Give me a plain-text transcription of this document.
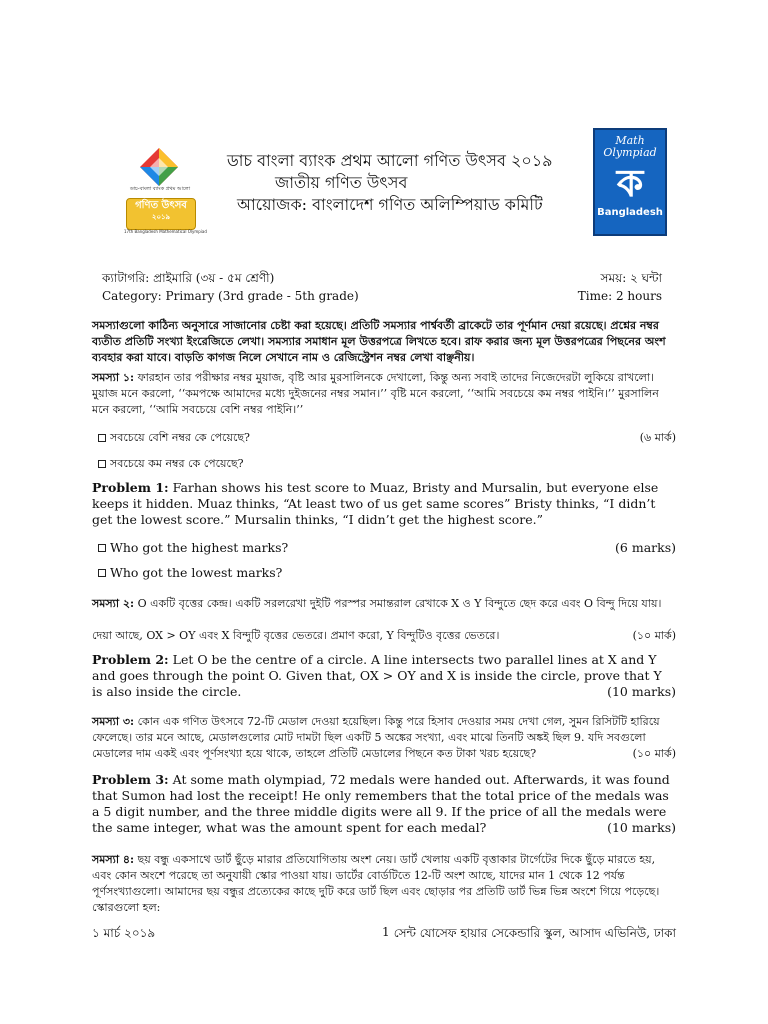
ডাচ-বাংলা ব্যাংক প্রথম আলো
গণিত উৎসব
২০১৯
17th Bangladesh Mathematical Olympiad
ডাচ বাংলা ব্যাংক প্রথম আলো গণিত উৎসব ২০১৯
জাতীয় গণিত উৎসব
আয়োজক: বাংলাদেশ গণিত অলিম্পিয়াড কমিটি
Math Olympiad
ক
Bangladesh
ক্যাটাগরি: প্রাইমারি (৩য় - ৫ম শ্রেণী)	সময়: ২ ঘন্টা
Category: Primary (3rd grade - 5th grade)	Time: 2 hours
সমস্যাগুলো কাঠিন্য অনুসারে সাজানোর চেষ্টা করা হয়েছে। প্রতিটি সমস্যার পার্শ্ববর্তী ব্রাকেটে তার পূর্ণমান দেয়া রয়েছে। প্রশ্নের নম্বর ব্যতীত প্রতিটি সংখ্যা ইংরেজিতে লেখা। সমস্যার সমাধান মূল উত্তরপত্রে লিখতে হবে। রাফ করার জন্য মূল উত্তরপত্রের পিছনের অংশ ব্যবহার করা যাবে। বাড়তি কাগজ নিলে সেখানে নাম ও রেজিস্ট্রেশন নম্বর লেখা বাঞ্ছনীয়।

সমস্যা ১: ফারহান তার পরীক্ষার নম্বর মুয়াজ, বৃষ্টি আর মুরসালিনকে দেখালো, কিন্তু অন্য সবাই তাদের নিজেদেরটা লুকিয়ে রাখলো। মুয়াজ মনে করলো, ‘‘কমপক্ষে আমাদের মধ্যে দুইজনের নম্বর সমান।’’ বৃষ্টি মনে করলো, ‘‘আমি সবচেয়ে কম নম্বর পাইনি।’’ মুরসালিন মনে করলো, ‘‘আমি সবচেয়ে বেশি নম্বর পাইনি।’’

সবচেয়ে বেশি নম্বর কে পেয়েছে?	(৬ মার্ক)
সবচেয়ে কম নম্বর কে পেয়েছে?

Problem 1: Farhan shows his test score to Muaz, Bristy and Mursalin, but everyone else keeps it hidden. Muaz thinks, “At least two of us get same scores” Bristy thinks, “I didn’t get the lowest score.” Mursalin thinks, “I didn’t get the highest score.”

Who got the highest marks?	(6 marks)
Who got the lowest marks?

সমস্যা ২: O একটি বৃত্তের কেন্দ্র। একটি সরলরেখা দুইটি পরস্পর সমান্তরাল রেখাকে X ও Y বিন্দুতে ছেদ করে এবং O বিন্দু দিয়ে যায়।

দেয়া আছে, OX > OY এবং X বিন্দুটি বৃত্তের ভেতরে। প্রমাণ করো, Y বিন্দুটিও বৃত্তের ভেতরে।	(১০ মার্ক)

Problem 2: Let O be the centre of a circle. A line intersects two parallel lines at X and Y and goes through the point O. Given that, OX > OY and X is inside the circle, prove that Y is also inside the circle.	(10 marks)

সমস্যা ৩: কোন এক গণিত উৎসবে 72-টি মেডাল দেওয়া হয়েছিল। কিন্তু পরে হিসাব দেওয়ার সময় দেখা গেল, সুমন রিসিটটি হারিয়ে ফেলেছে। তার মনে আছে, মেডালগুলোর মোট দামটা ছিল একটি 5 অঙ্কের সংখ্যা, এবং মাঝে তিনটি অঙ্কই ছিল 9. যদি সবগুলো মেডালের দাম একই এবং পূর্ণসংখ্যা হয়ে থাকে, তাহলে প্রতিটি মেডালের পিছনে কত টাকা খরচ হয়েছে?	(১০ মার্ক)

Problem 3: At some math olympiad, 72 medals were handed out. Afterwards, it was found that Sumon had lost the receipt! He only remembers that the total price of the medals was a 5 digit number, and the three middle digits were all 9. If the price of all the medals were the same integer, what was the amount spent for each medal?	(10 marks)

সমস্যা ৪: ছয় বন্ধু একসাথে ডার্ট ছুঁড়ে মারার প্রতিযোগিতায় অংশ নেয়। ডার্ট খেলায় একটি বৃত্তাকার টার্গেটের দিকে ছুঁড়ে মারতে হয়, এবং কোন অংশে পরেছে তা অনুযায়ী স্কোর পাওয়া যায়। ডার্টের বোর্ডটিতে 12-টি অংশ আছে, যাদের মান 1 থেকে 12 পর্যন্ত পূর্ণসংখ্যাগুলো। আমাদের ছয় বন্ধুর প্রত্যেকের কাছে দুটি করে ডার্ট ছিল এবং ছোড়ার পর প্রতিটি ডার্ট ভিন্ন ভিন্ন অংশে গিয়ে পড়েছে। স্কোরগুলো হল:

১ মার্চ ২০১৯	1 সেন্ট যোসেফ হায়ার সেকেন্ডারি স্কুল, আসাদ এভিনিউ, ঢাকা
